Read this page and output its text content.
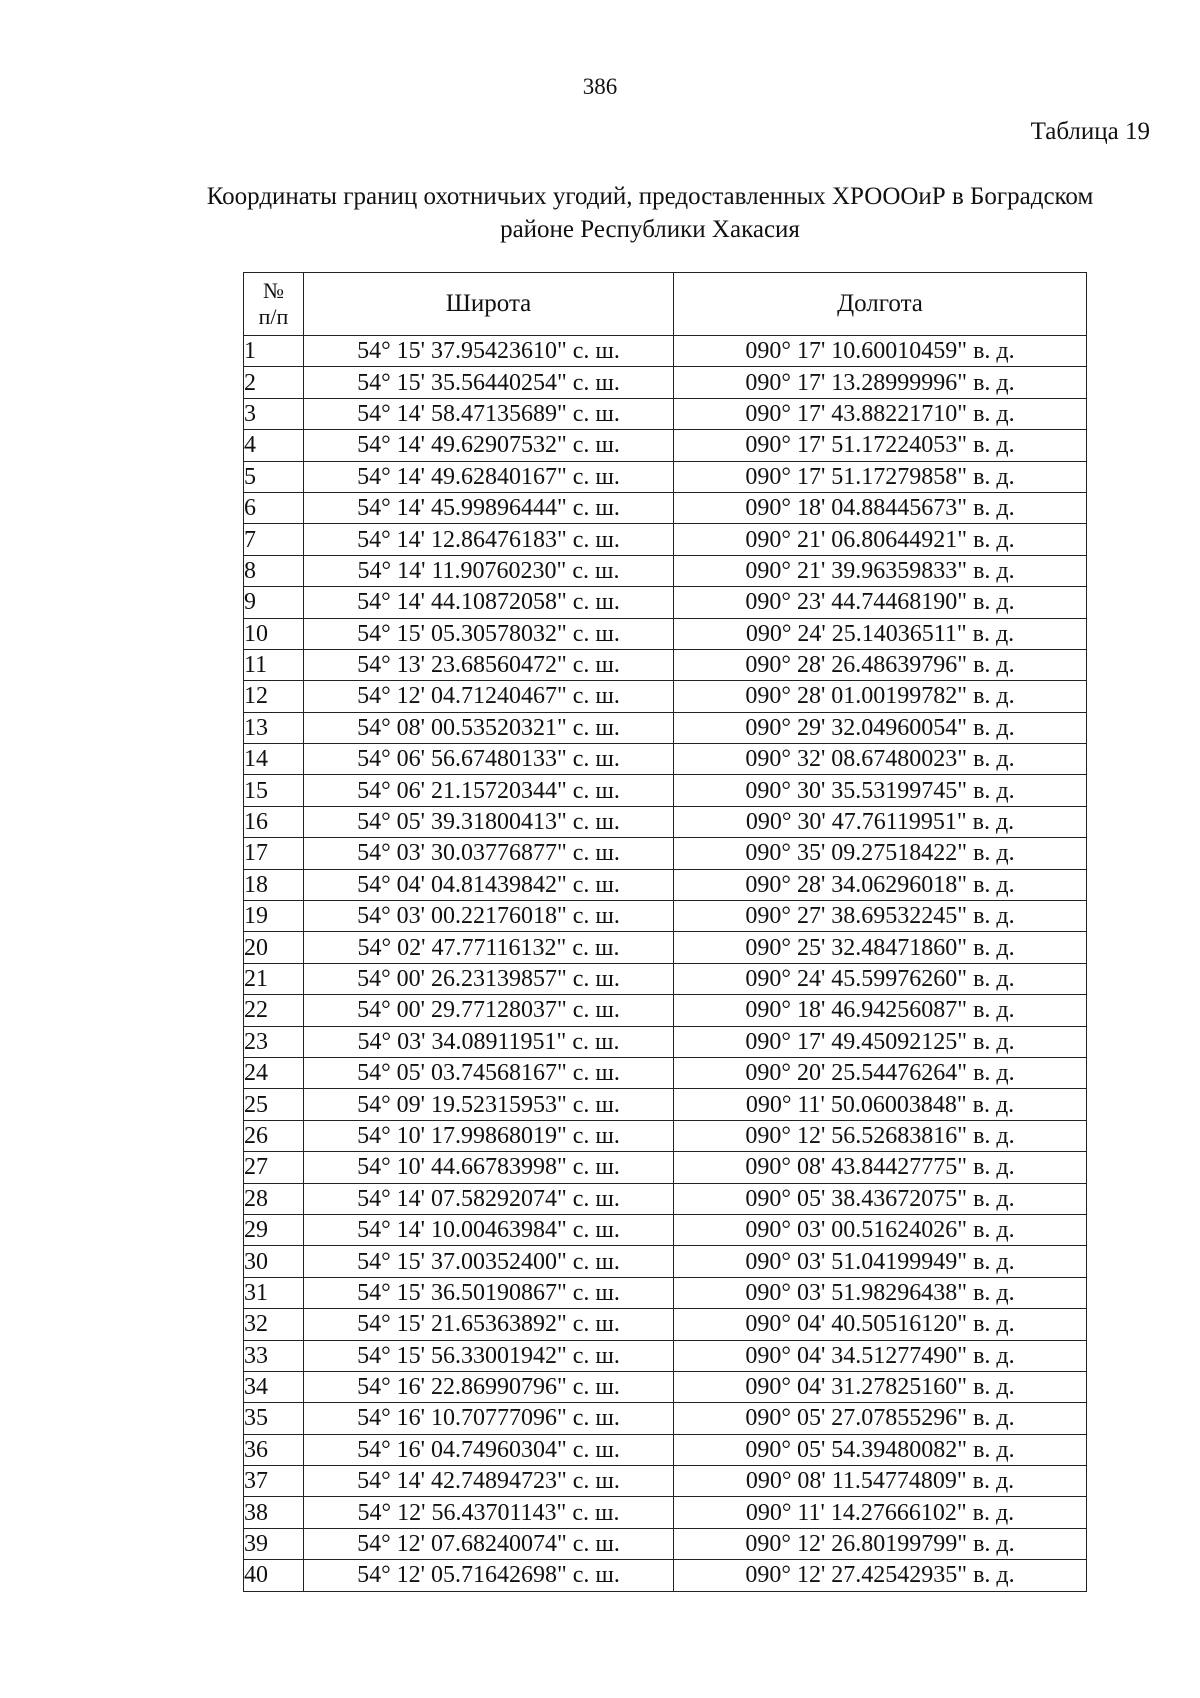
386
Таблица 19
Координаты границ охотничьих угодий, предоставленных ХРОООиР в Боградском
районе Республики Хакасия
№
п/п	Широта	Долгота
1	54° 15' 37.95423610" с. ш.	090° 17' 10.60010459" в. д.
2	54° 15' 35.56440254" с. ш.	090° 17' 13.28999996" в. д.
3	54° 14' 58.47135689" с. ш.	090° 17' 43.88221710" в. д.
4	54° 14' 49.62907532" с. ш.	090° 17' 51.17224053" в. д.
5	54° 14' 49.62840167" с. ш.	090° 17' 51.17279858" в. д.
6	54° 14' 45.99896444" с. ш.	090° 18' 04.88445673" в. д.
7	54° 14' 12.86476183" с. ш.	090° 21' 06.80644921" в. д.
8	54° 14' 11.90760230" с. ш.	090° 21' 39.96359833" в. д.
9	54° 14' 44.10872058" с. ш.	090° 23' 44.74468190" в. д.
10	54° 15' 05.30578032" с. ш.	090° 24' 25.14036511" в. д.
11	54° 13' 23.68560472" с. ш.	090° 28' 26.48639796" в. д.
12	54° 12' 04.71240467" с. ш.	090° 28' 01.00199782" в. д.
13	54° 08' 00.53520321" с. ш.	090° 29' 32.04960054" в. д.
14	54° 06' 56.67480133" с. ш.	090° 32' 08.67480023" в. д.
15	54° 06' 21.15720344" с. ш.	090° 30' 35.53199745" в. д.
16	54° 05' 39.31800413" с. ш.	090° 30' 47.76119951" в. д.
17	54° 03' 30.03776877" с. ш.	090° 35' 09.27518422" в. д.
18	54° 04' 04.81439842" с. ш.	090° 28' 34.06296018" в. д.
19	54° 03' 00.22176018" с. ш.	090° 27' 38.69532245" в. д.
20	54° 02' 47.77116132" с. ш.	090° 25' 32.48471860" в. д.
21	54° 00' 26.23139857" с. ш.	090° 24' 45.59976260" в. д.
22	54° 00' 29.77128037" с. ш.	090° 18' 46.94256087" в. д.
23	54° 03' 34.08911951" с. ш.	090° 17' 49.45092125" в. д.
24	54° 05' 03.74568167" с. ш.	090° 20' 25.54476264" в. д.
25	54° 09' 19.52315953" с. ш.	090° 11' 50.06003848" в. д.
26	54° 10' 17.99868019" с. ш.	090° 12' 56.52683816" в. д.
27	54° 10' 44.66783998" с. ш.	090° 08' 43.84427775" в. д.
28	54° 14' 07.58292074" с. ш.	090° 05' 38.43672075" в. д.
29	54° 14' 10.00463984" с. ш.	090° 03' 00.51624026" в. д.
30	54° 15' 37.00352400" с. ш.	090° 03' 51.04199949" в. д.
31	54° 15' 36.50190867" с. ш.	090° 03' 51.98296438" в. д.
32	54° 15' 21.65363892" с. ш.	090° 04' 40.50516120" в. д.
33	54° 15' 56.33001942" с. ш.	090° 04' 34.51277490" в. д.
34	54° 16' 22.86990796" с. ш.	090° 04' 31.27825160" в. д.
35	54° 16' 10.70777096" с. ш.	090° 05' 27.07855296" в. д.
36	54° 16' 04.74960304" с. ш.	090° 05' 54.39480082" в. д.
37	54° 14' 42.74894723" с. ш.	090° 08' 11.54774809" в. д.
38	54° 12' 56.43701143" с. ш.	090° 11' 14.27666102" в. д.
39	54° 12' 07.68240074" с. ш.	090° 12' 26.80199799" в. д.
40	54° 12' 05.71642698" с. ш.	090° 12' 27.42542935" в. д.
